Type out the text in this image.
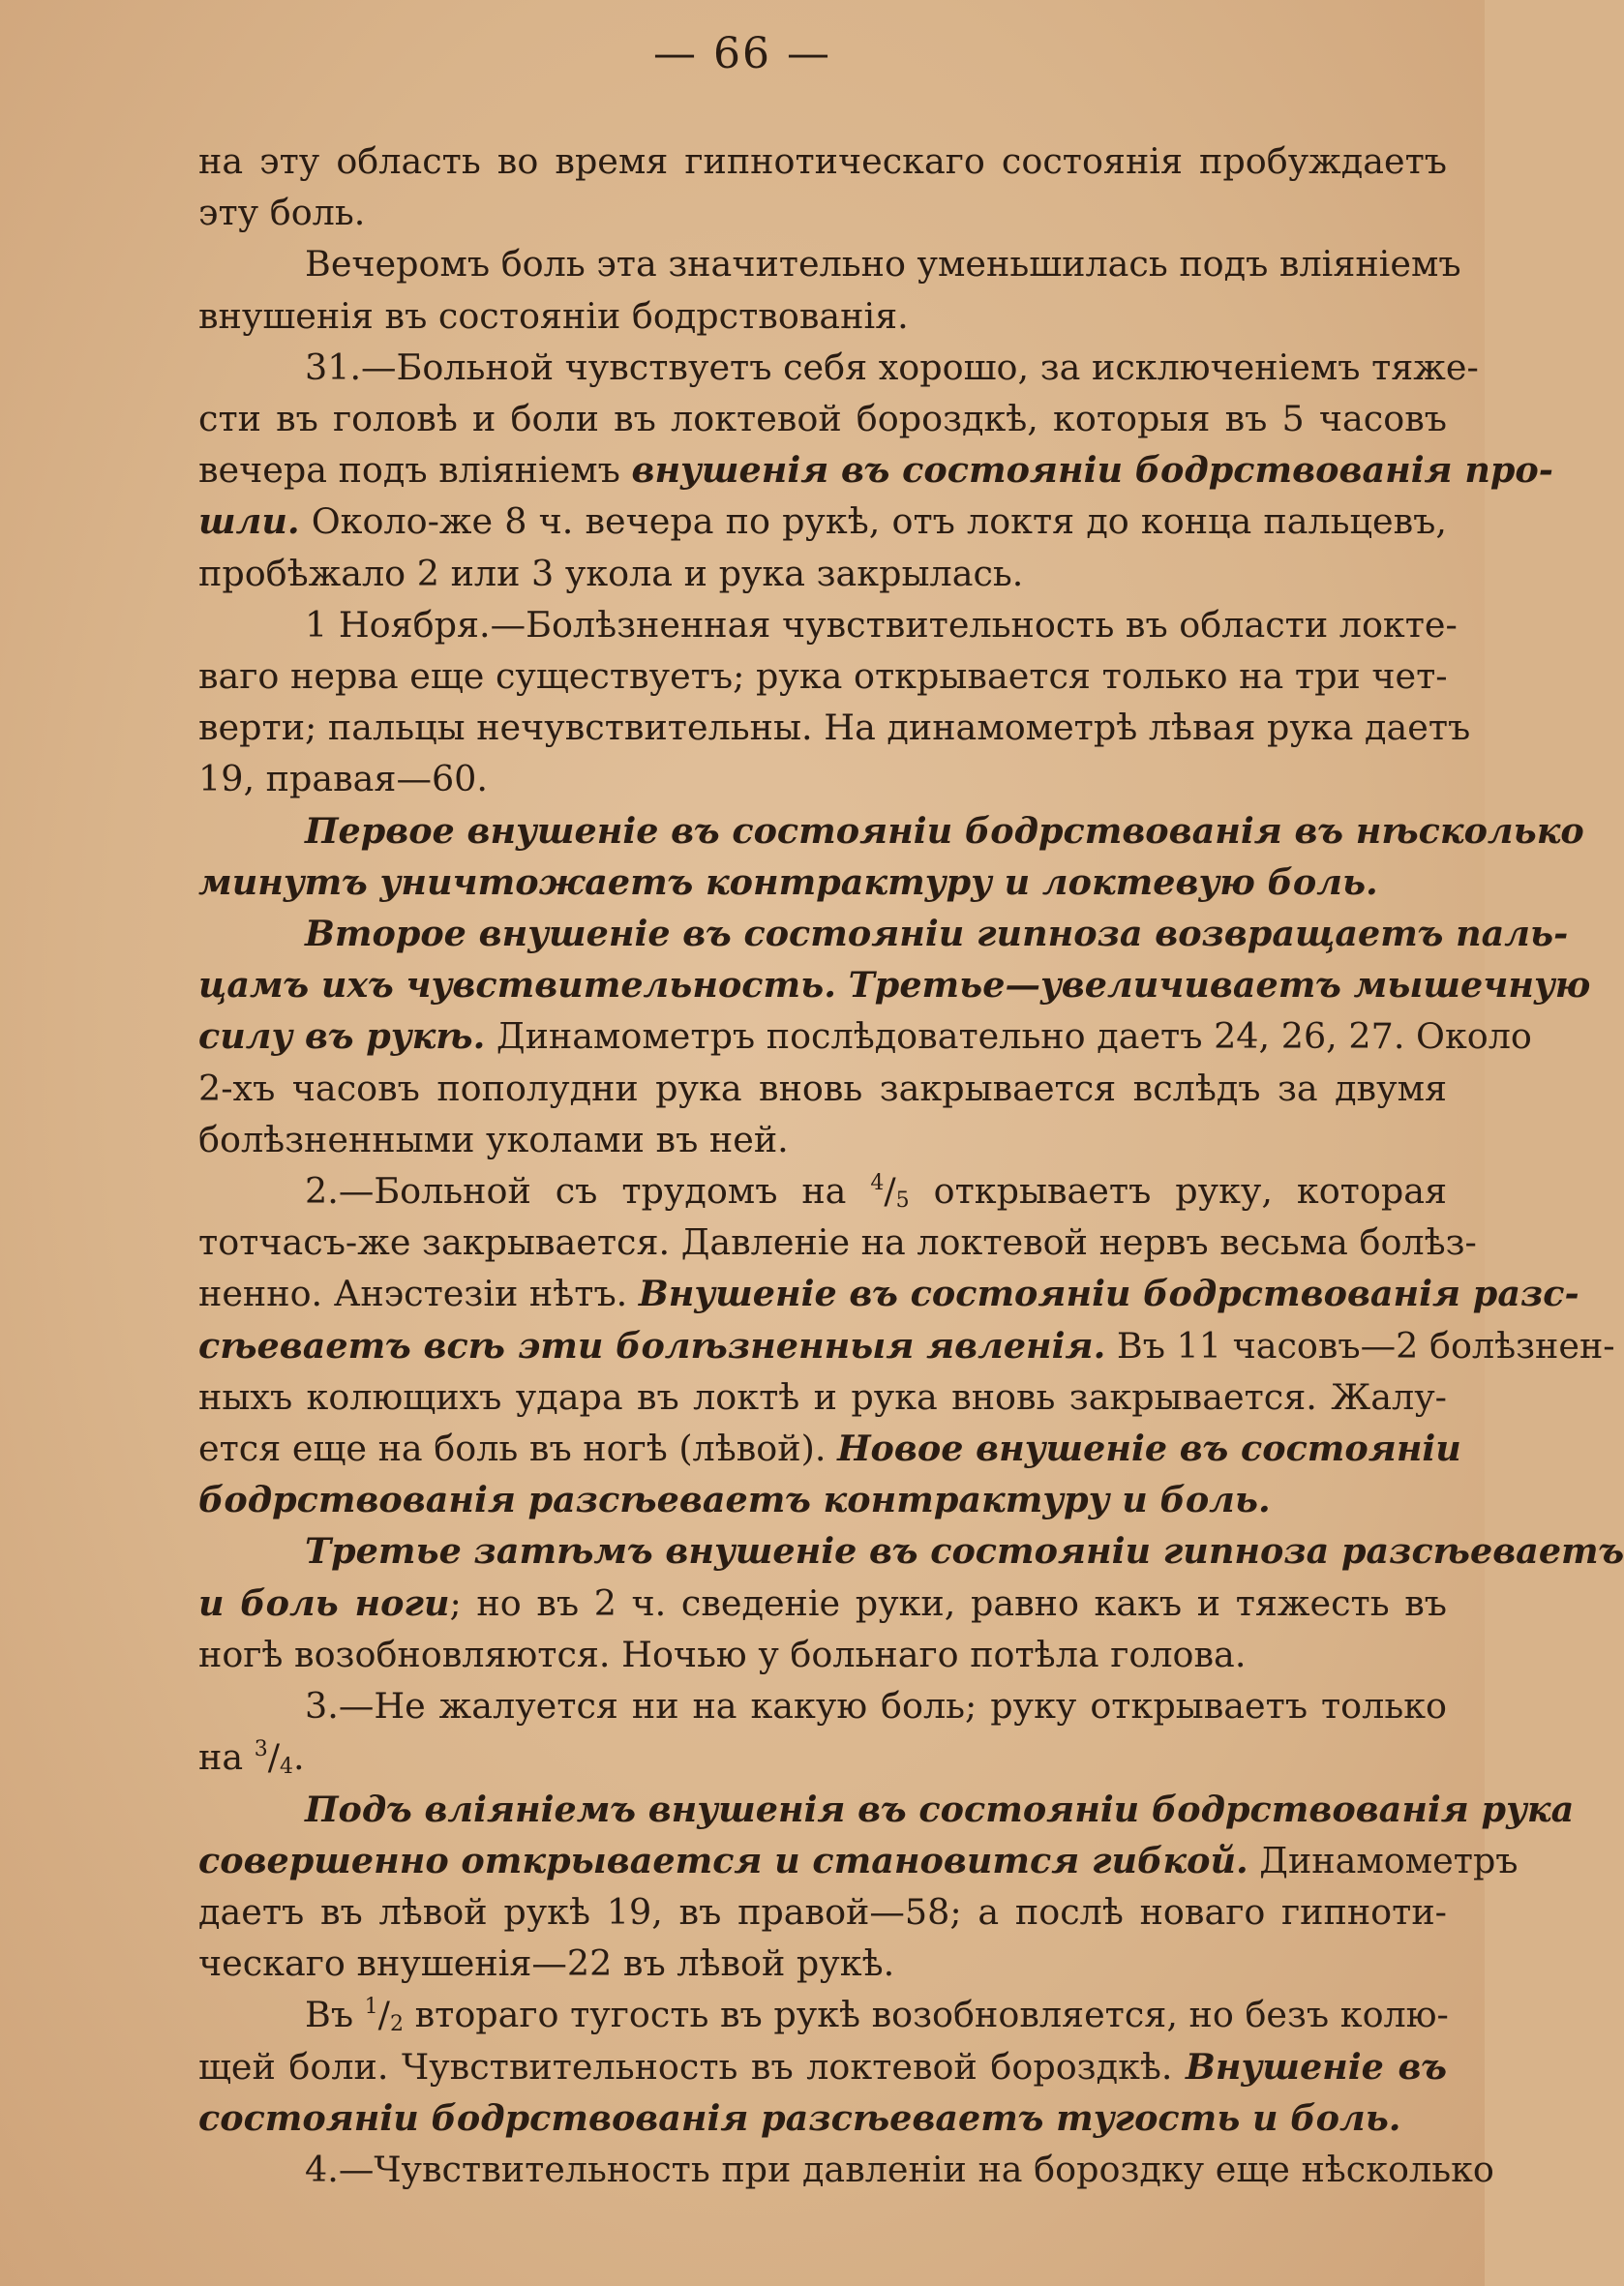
— 66 —
на эту область во время гипнотическаго состоянія пробуждаетъ
эту боль.
Вечеромъ боль эта значительно уменьшилась подъ вліяніемъ
внушенія въ состояніи бодрствованія.
31.—Больной чувствуетъ себя хорошо, за исключеніемъ тяже-
сти въ головѣ и боли въ локтевой бороздкѣ, которыя въ 5 часовъ
вечера подъ вліяніемъ внушенія въ состояніи бодрствованія про-
шли. Около-же 8 ч. вечера по рукѣ, отъ локтя до конца пальцевъ,
пробѣжало 2 или 3 укола и рука закрылась.
1 Ноября.—Болѣзненная чувствительность въ области локте-
ваго нерва еще существуетъ; рука открывается только на три чет-
верти; пальцы нечувствительны. На динамометрѣ лѣвая рука даетъ
19, правая—60.
Первое внушеніе въ состояніи бодрствованія въ нѣсколько
минутъ уничтожаетъ контрактуру и локтевую боль.
Второе внушеніе въ состояніи гипноза возвращаетъ паль-
цамъ ихъ чувствительность. Третье—увеличиваетъ мышечную
силу въ рукѣ. Динамометръ послѣдовательно даетъ 24, 26, 27. Около
2-хъ часовъ пополудни рука вновь закрывается вслѣдъ за двумя
болѣзненными уколами въ ней.
2.—Больной съ трудомъ на $^4/_5$ открываетъ руку, которая
тотчасъ-же закрывается. Давленіе на локтевой нервъ весьма болѣз-
ненно. Анэстезіи нѣтъ. Внушеніе въ состояніи бодрствованія разс-
сѣеваетъ всѣ эти болѣзненныя явленія. Въ 11 часовъ—2 болѣзнен-
ныхъ колющихъ удара въ локтѣ и рука вновь закрывается. Жалу-
ется еще на боль въ ногѣ (лѣвой). Новое внушеніе въ состояніи
бодрствованія разсѣеваетъ контрактуру и боль.
Третье затѣмъ внушеніе въ состояніи гипноза разсѣеваетъ
и боль ноги; но въ 2 ч. сведеніе руки, равно какъ и тяжесть въ
ногѣ возобновляются. Ночью у больнаго потѣла голова.
3.—Не жалуется ни на какую боль; руку открываетъ только
на $^3/_4$.
Подъ вліяніемъ внушенія въ состояніи бодрствованія рука
совершенно открывается и становится гибкой. Динамометръ
даетъ въ лѣвой рукѣ 19, въ правой—58; а послѣ новаго гипноти-
ческаго внушенія—22 въ лѣвой рукѣ.
Въ $^1/_2$ втораго тугость въ рукѣ возобновляется, но безъ колю-
щей боли. Чувствительность въ локтевой бороздкѣ. Внушеніе въ
состояніи бодрствованія разсѣеваетъ тугость и боль.
4.—Чувствительность при давленіи на бороздку еще нѣсколько
